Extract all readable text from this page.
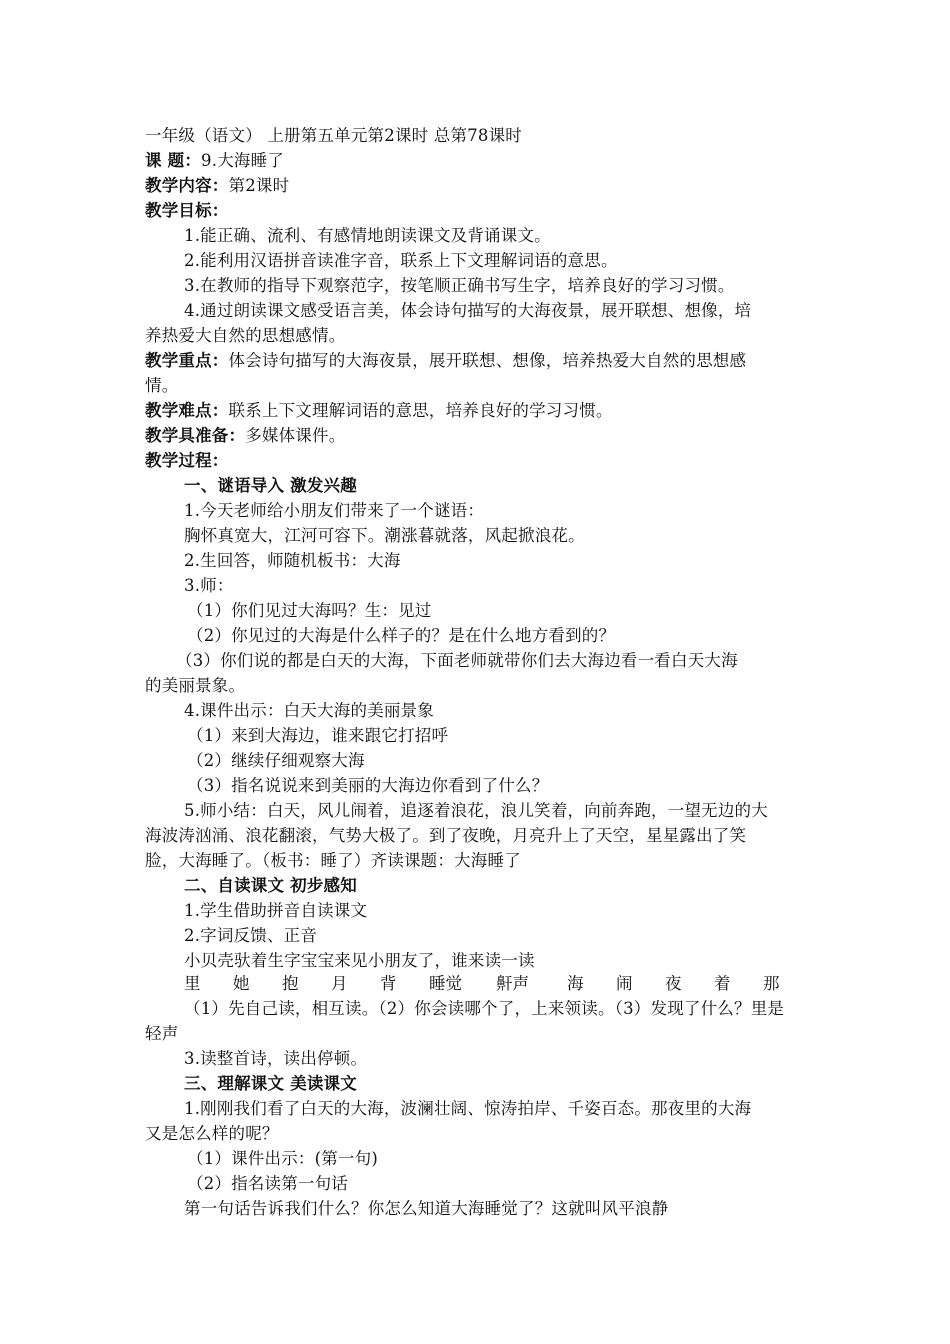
一年级（语文） 上册第五单元第2课时 总第78课时
课 题：9.大海睡了
教学内容：第2课时
教学目标：
1.能正确、流利、有感情地朗读课文及背诵课文。
2.能利用汉语拼音读准字音，联系上下文理解词语的意思。
3.在教师的指导下观察范字，按笔顺正确书写生字，培养良好的学习习惯。
4.通过朗读课文感受语言美，体会诗句描写的大海夜景，展开联想、想像，培
养热爱大自然的思想感情。
教学重点：体会诗句描写的大海夜景，展开联想、想像，培养热爱大自然的思想感
情。
教学难点：联系上下文理解词语的意思，培养良好的学习习惯。
教学具准备：多媒体课件。
教学过程：
一、谜语导入 激发兴趣
1.今天老师给小朋友们带来了一个谜语：
胸怀真宽大，江河可容下。潮涨暮就落，风起掀浪花。
2.生回答，师随机板书：大海
3.师：
（1）你们见过大海吗？生：见过
（2）你见过的大海是什么样子的？是在什么地方看到的？
（3）你们说的都是白天的大海，下面老师就带你们去大海边看一看白天大海
的美丽景象。
4.课件出示：白天大海的美丽景象
（1）来到大海边，谁来跟它打招呼
（2）继续仔细观察大海
（3）指名说说来到美丽的大海边你看到了什么？
5.师小结：白天，风儿闹着，追逐着浪花，浪儿笑着，向前奔跑，一望无边的大
海波涛汹涌、浪花翻滚，气势大极了。到了夜晚，月亮升上了天空，星星露出了笑
脸，大海睡了。（板书：睡了）齐读课题：大海睡了
二、自读课文 初步感知
1.学生借助拼音自读课文
2.字词反馈、正音
小贝壳驮着生字宝宝来见小朋友了，谁来读一读
里 她 抱 月 背 睡觉 鼾声 海 闹 夜 着 那
（1）先自己读，相互读。（2）你会读哪个了，上来领读。（3）发现了什么？里是
轻声
3.读整首诗，读出停顿。
三、理解课文 美读课文
1.刚刚我们看了白天的大海，波澜壮阔、惊涛拍岸、千姿百态。那夜里的大海
又是怎么样的呢？
（1）课件出示：(第一句)
（2）指名读第一句话
第一句话告诉我们什么？你怎么知道大海睡觉了？这就叫风平浪静
